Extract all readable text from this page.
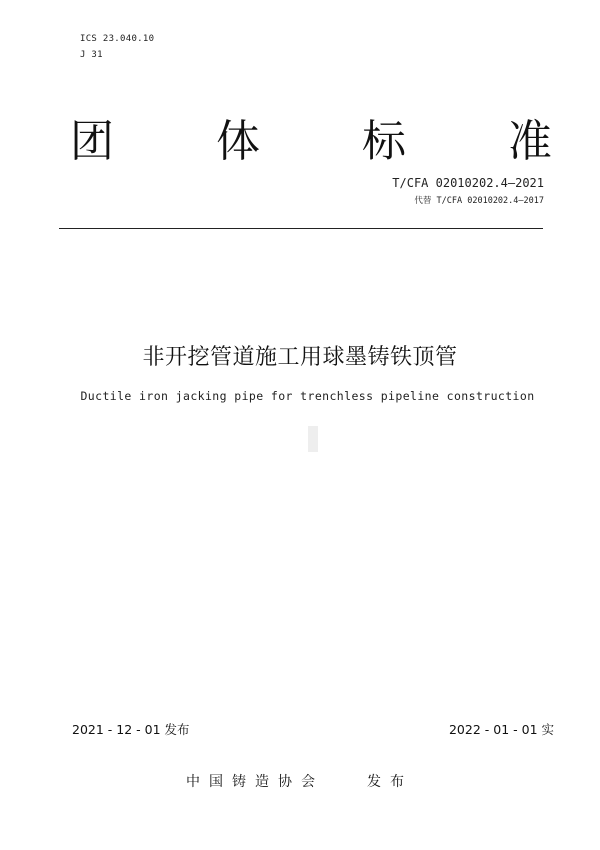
ICS 23.040.10
J 31
团 体 标 准
T/CFA 02010202.4—2021
代替 T/CFA 02010202.4—2017
非开挖管道施工用球墨铸铁顶管
Ductile iron jacking pipe for trenchless pipeline construction
2021 - 12 - 01 发布	2022 - 01 - 01 实
中国铸造协会	发布
